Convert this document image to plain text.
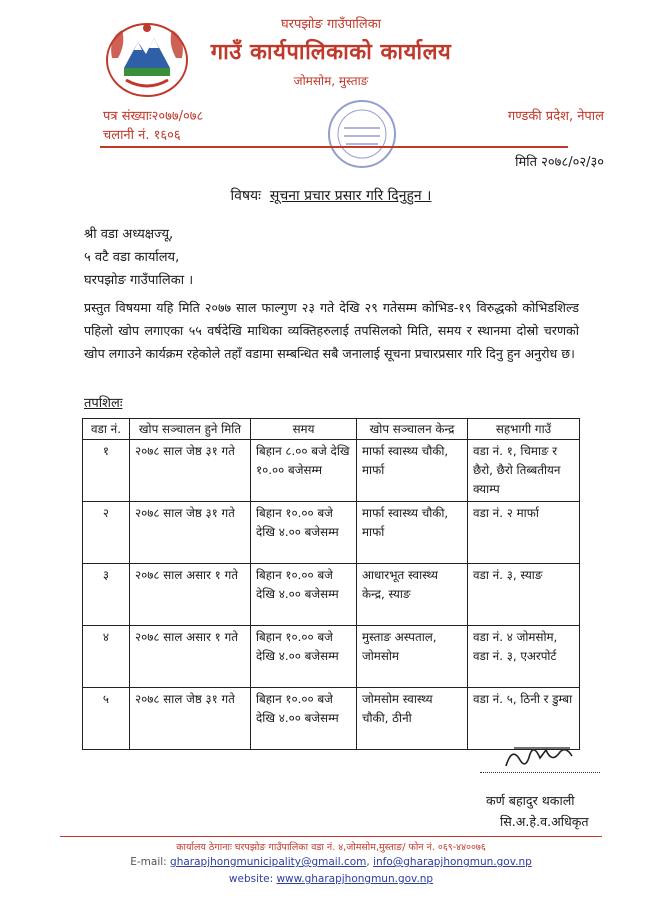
घरपझोङ गाउँपालिका
गाउँ कार्यपालिकाको कार्यालय
जोमसोम, मुस्ताङ
पत्र संख्याः२०७७/०७८
चलानी नं. १६०६
गण्डकी प्रदेश, नेपाल
मिति २०७८/०२/३०
विषयः सूचना प्रचार प्रसार गरि दिनुहुन ।
श्री वडा अध्यक्षज्यू,
५ वटै वडा कार्यालय,
घरपझोङ गाउँपालिका ।
प्रस्तुत विषयमा यहि मिति २०७७ साल फाल्गुण २३ गते देखि २९ गतेसम्म कोभिड-१९ विरुद्धको कोभिडशिल्ड पहिलो खोप लगाएका ५५ वर्षदेखि माथिका व्यक्तिहरुलाई तपसिलको मिति, समय र स्थानमा दोस्रो चरणको खोप लगाउने कार्यक्रम रहेकोले तहाँ वडामा सम्बन्धित सबै जनालाई सूचना प्रचारप्रसार गरि दिनु हुन अनुरोध छ।
तपशिलः
वडा नं.	खोप सञ्चालन हुने मिति	समय	खोप सञ्चालन केन्द्र	सहभागी गाउँ
१	२०७८ साल जेष्ठ ३१ गते	बिहान ८.०० बजे देखि १०.०० बजेसम्म	मार्फा स्वास्थ्य चौकी, मार्फा	वडा नं. १, चिमाङ र छैरो, छैरो तिब्बतीयन क्याम्प
२	२०७८ साल जेष्ठ ३१ गते	बिहान १०.०० बजे देखि ४.०० बजेसम्म	मार्फा स्वास्थ्य चौकी, मार्फा	वडा नं. २ मार्फा
३	२०७८ साल असार १ गते	बिहान १०.०० बजे देखि ४.०० बजेसम्म	आधारभूत स्वास्थ्य केन्द्र, स्याङ	वडा नं. ३, स्याङ
४	२०७८ साल असार १ गते	बिहान १०.०० बजे देखि ४.०० बजेसम्म	मुस्ताङ अस्पताल, जोमसोम	वडा नं. ४ जोमसोम, वडा नं. ३, एअरपोर्ट
५	२०७८ साल जेष्ठ ३१ गते	बिहान १०.०० बजे देखि ४.०० बजेसम्म	जोमसोम स्वास्थ्य चौकी, ठीनी	वडा नं. ५, ठिनी र डुम्बा
कर्ण बहादुर थकाली
सि.अ.हे.व.अधिकृत
कार्यालय ठेगानाः घरपझोङ गाउँपालिका वडा नं. ४,जोमसोम,मुस्ताङ/ फोन नं. ०६९-४४००७६
E-mail: gharapjhongmunicipality@gmail.com, info@gharapjhongmun.gov.np
website: www.gharapjhongmun.gov.np
